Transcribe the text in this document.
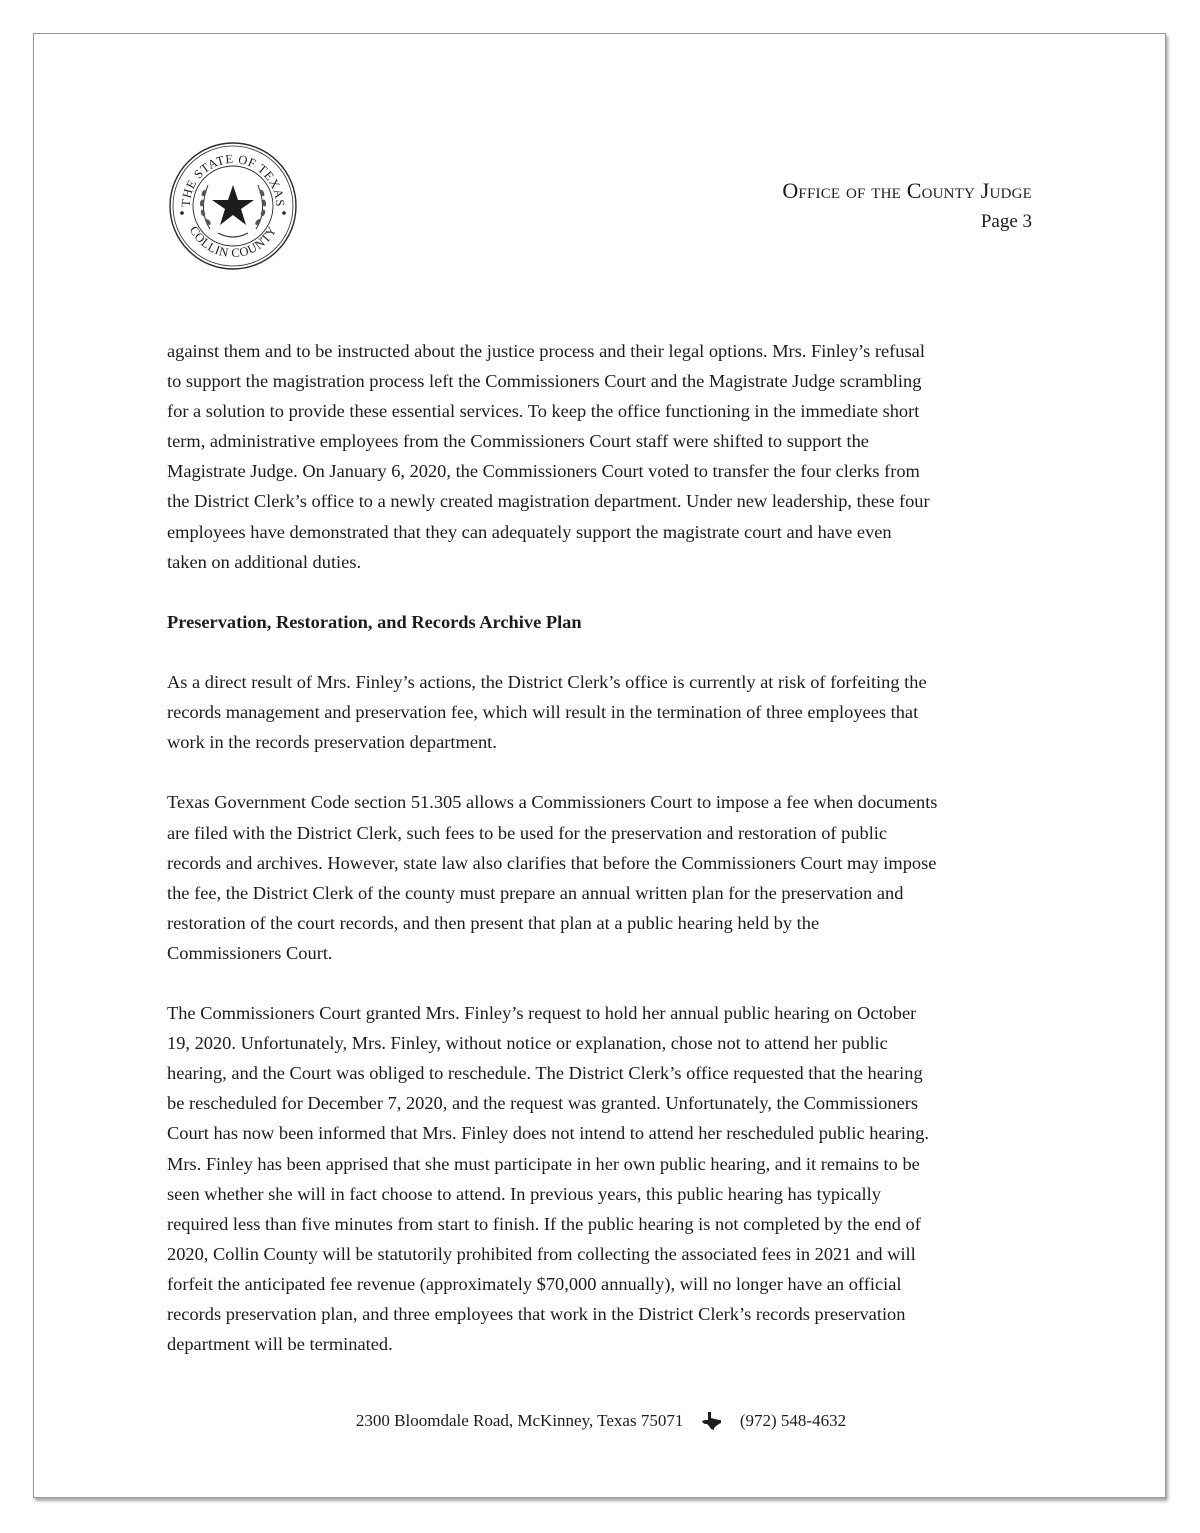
THE STATE OF TEXAS
COLLIN COUNTY
Office of the County Judge
Page 3

against them and to be instructed about the justice process and their legal options. Mrs. Finley’s refusal
to support the magistration process left the Commissioners Court and the Magistrate Judge scrambling
for a solution to provide these essential services. To keep the office functioning in the immediate short
term, administrative employees from the Commissioners Court staff were shifted to support the
Magistrate Judge. On January 6, 2020, the Commissioners Court voted to transfer the four clerks from
the District Clerk’s office to a newly created magistration department. Under new leadership, these four
employees have demonstrated that they can adequately support the magistrate court and have even
taken on additional duties.

Preservation, Restoration, and Records Archive Plan

As a direct result of Mrs. Finley’s actions, the District Clerk’s office is currently at risk of forfeiting the
records management and preservation fee, which will result in the termination of three employees that
work in the records preservation department.

Texas Government Code section 51.305 allows a Commissioners Court to impose a fee when documents
are filed with the District Clerk, such fees to be used for the preservation and restoration of public
records and archives. However, state law also clarifies that before the Commissioners Court may impose
the fee, the District Clerk of the county must prepare an annual written plan for the preservation and
restoration of the court records, and then present that plan at a public hearing held by the
Commissioners Court.

The Commissioners Court granted Mrs. Finley’s request to hold her annual public hearing on October
19, 2020. Unfortunately, Mrs. Finley, without notice or explanation, chose not to attend her public
hearing, and the Court was obliged to reschedule. The District Clerk’s office requested that the hearing
be rescheduled for December 7, 2020, and the request was granted. Unfortunately, the Commissioners
Court has now been informed that Mrs. Finley does not intend to attend her rescheduled public hearing.
Mrs. Finley has been apprised that she must participate in her own public hearing, and it remains to be
seen whether she will in fact choose to attend. In previous years, this public hearing has typically
required less than five minutes from start to finish. If the public hearing is not completed by the end of
2020, Collin County will be statutorily prohibited from collecting the associated fees in 2021 and will
forfeit the anticipated fee revenue (approximately $70,000 annually), will no longer have an official
records preservation plan, and three employees that work in the District Clerk’s records preservation
department will be terminated.

2300 Bloomdale Road, McKinney, Texas 75071	(972) 548-4632
